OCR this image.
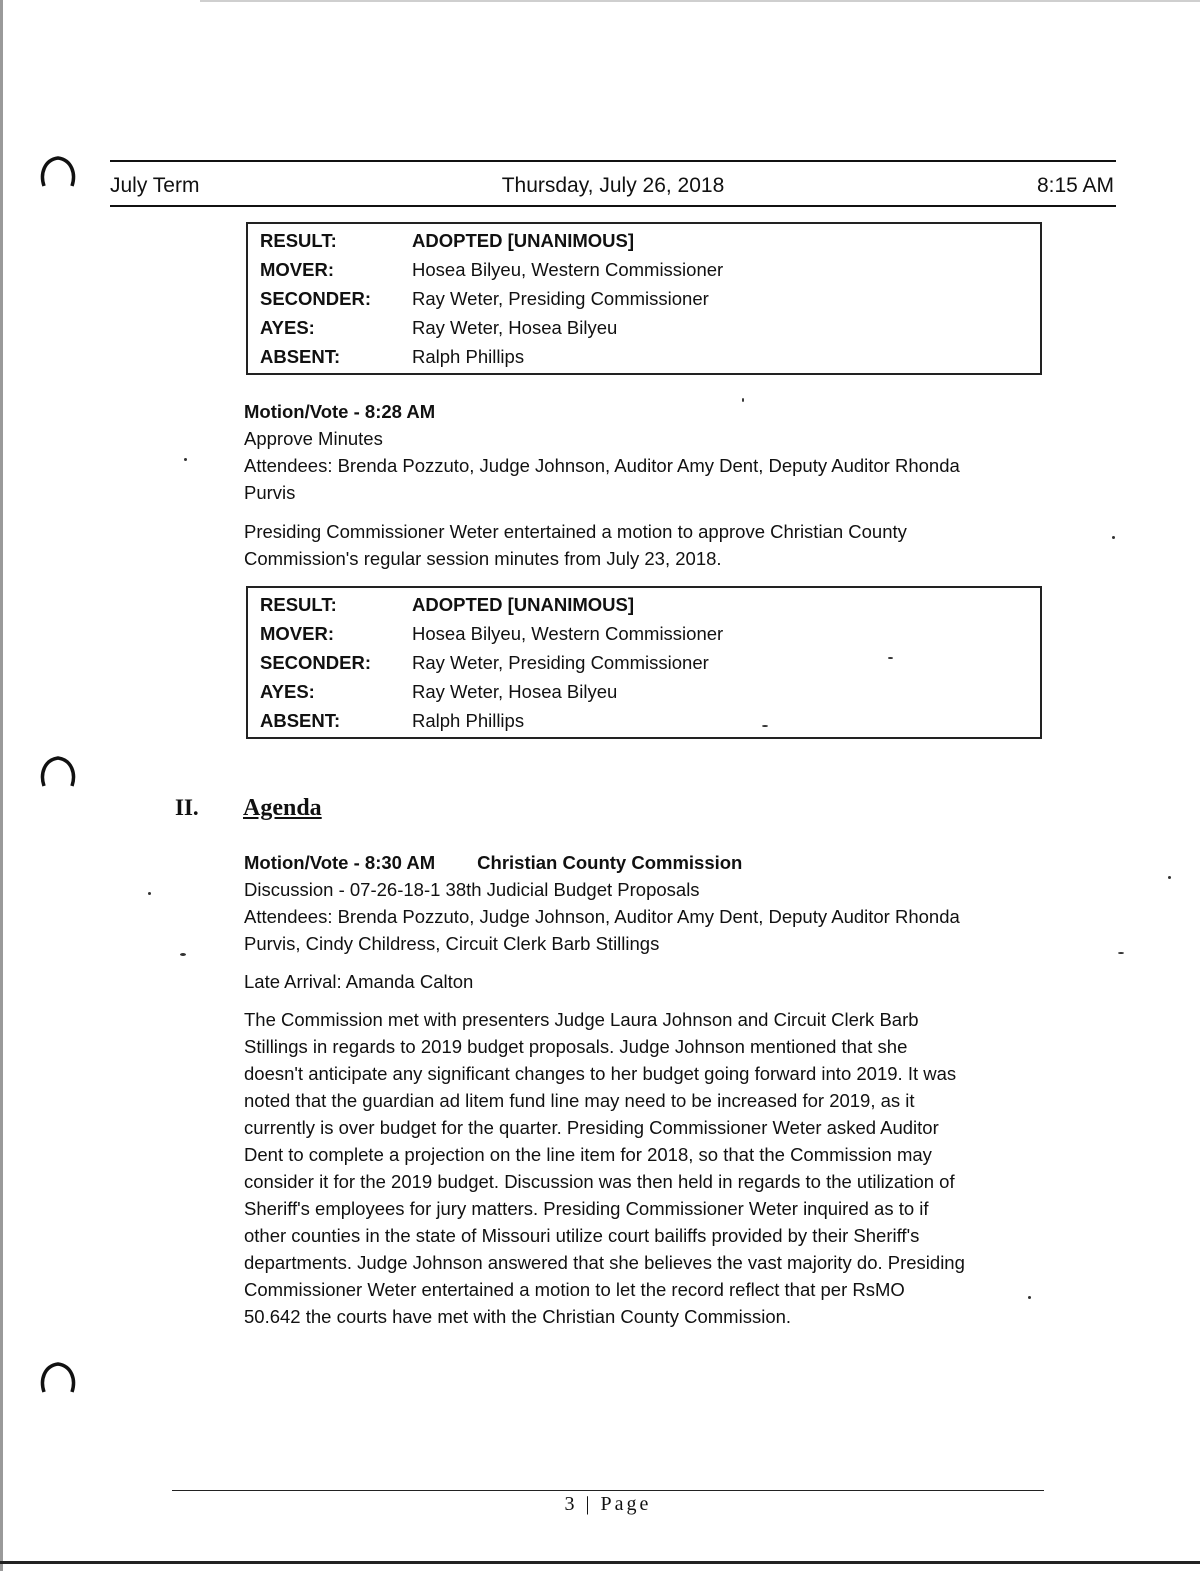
Thursday, July 26, 2018
July Term	8:15 AM
RESULT:	ADOPTED [UNANIMOUS]
MOVER:	Hosea Bilyeu, Western Commissioner
SECONDER:	Ray Weter, Presiding Commissioner
AYES:	Ray Weter, Hosea Bilyeu
ABSENT:	Ralph Phillips
Motion/Vote - 8:28 AM
Approve Minutes
Attendees: Brenda Pozzuto, Judge Johnson, Auditor Amy Dent, Deputy Auditor Rhonda
Purvis
Presiding Commissioner Weter entertained a motion to approve Christian County
Commission's regular session minutes from July 23, 2018.
RESULT:	ADOPTED [UNANIMOUS]
MOVER:	Hosea Bilyeu, Western Commissioner
SECONDER:	Ray Weter, Presiding Commissioner
AYES:	Ray Weter, Hosea Bilyeu
ABSENT:	Ralph Phillips
II. Agenda
Motion/Vote - 8:30 AM Christian County Commission
Discussion - 07-26-18-1 38th Judicial Budget Proposals
Attendees: Brenda Pozzuto, Judge Johnson, Auditor Amy Dent, Deputy Auditor Rhonda
Purvis, Cindy Childress, Circuit Clerk Barb Stillings
Late Arrival: Amanda Calton
The Commission met with presenters Judge Laura Johnson and Circuit Clerk Barb
Stillings in regards to 2019 budget proposals. Judge Johnson mentioned that she
doesn't anticipate any significant changes to her budget going forward into 2019. It was
noted that the guardian ad litem fund line may need to be increased for 2019, as it
currently is over budget for the quarter. Presiding Commissioner Weter asked Auditor
Dent to complete a projection on the line item for 2018, so that the Commission may
consider it for the 2019 budget. Discussion was then held in regards to the utilization of
Sheriff's employees for jury matters. Presiding Commissioner Weter inquired as to if
other counties in the state of Missouri utilize court bailiffs provided by their Sheriff's
departments. Judge Johnson answered that she believes the vast majority do. Presiding
Commissioner Weter entertained a motion to let the record reflect that per RsMO
50.642 the courts have met with the Christian County Commission.
3 | Page
